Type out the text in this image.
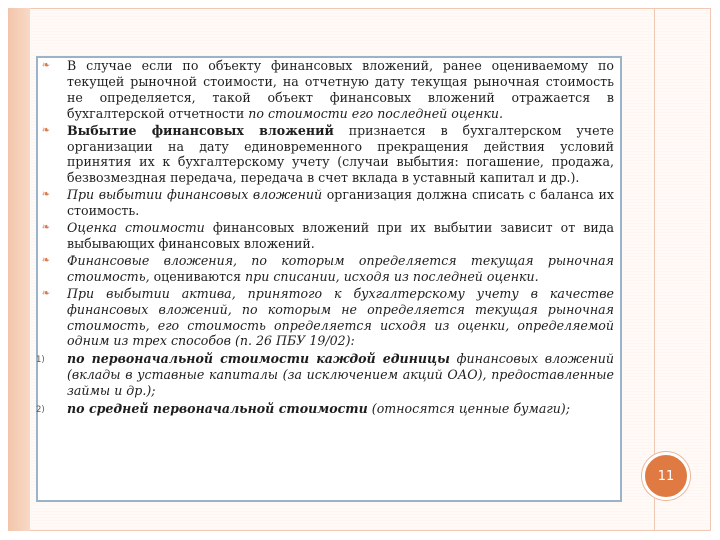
❧ В случае если по объекту финансовых вложений, ранее оцениваемому по текущей рыночной стоимости, на отчетную дату текущая рыночная стоимость не определяется, такой объект финансовых вложений отражается в бухгалтерской отчетности по стоимости его последней оценки.
❧ Выбытие финансовых вложений признается в бухгалтерском учете организации на дату единовременного прекращения действия условий принятия их к бухгалтерскому учету (случаи выбытия: погашение, продажа, безвозмездная передача, передача в счет вклада в уставный капитал и др.).
❧ При выбытии финансовых вложений организация должна списать с баланса их стоимость.
❧ Оценка стоимости финансовых вложений при их выбытии зависит от вида выбывающих финансовых вложений.
❧ Финансовые вложения, по которым определяется текущая рыночная стоимость, оцениваются при списании, исходя из последней оценки.
❧ При выбытии актива, принятого к бухгалтерскому учету в качестве финансовых вложений, по которым не определяется текущая рыночная стоимость, его стоимость определяется исходя из оценки, определяемой одним из трех способов (п. 26 ПБУ 19/02):
1) по первоначальной стоимости каждой единицы финансовых вложений (вклады в уставные капиталы (за исключением акций ОАО), предоставленные займы и др.);
2) по средней первоначальной стоимости (относятся ценные бумаги);
11
